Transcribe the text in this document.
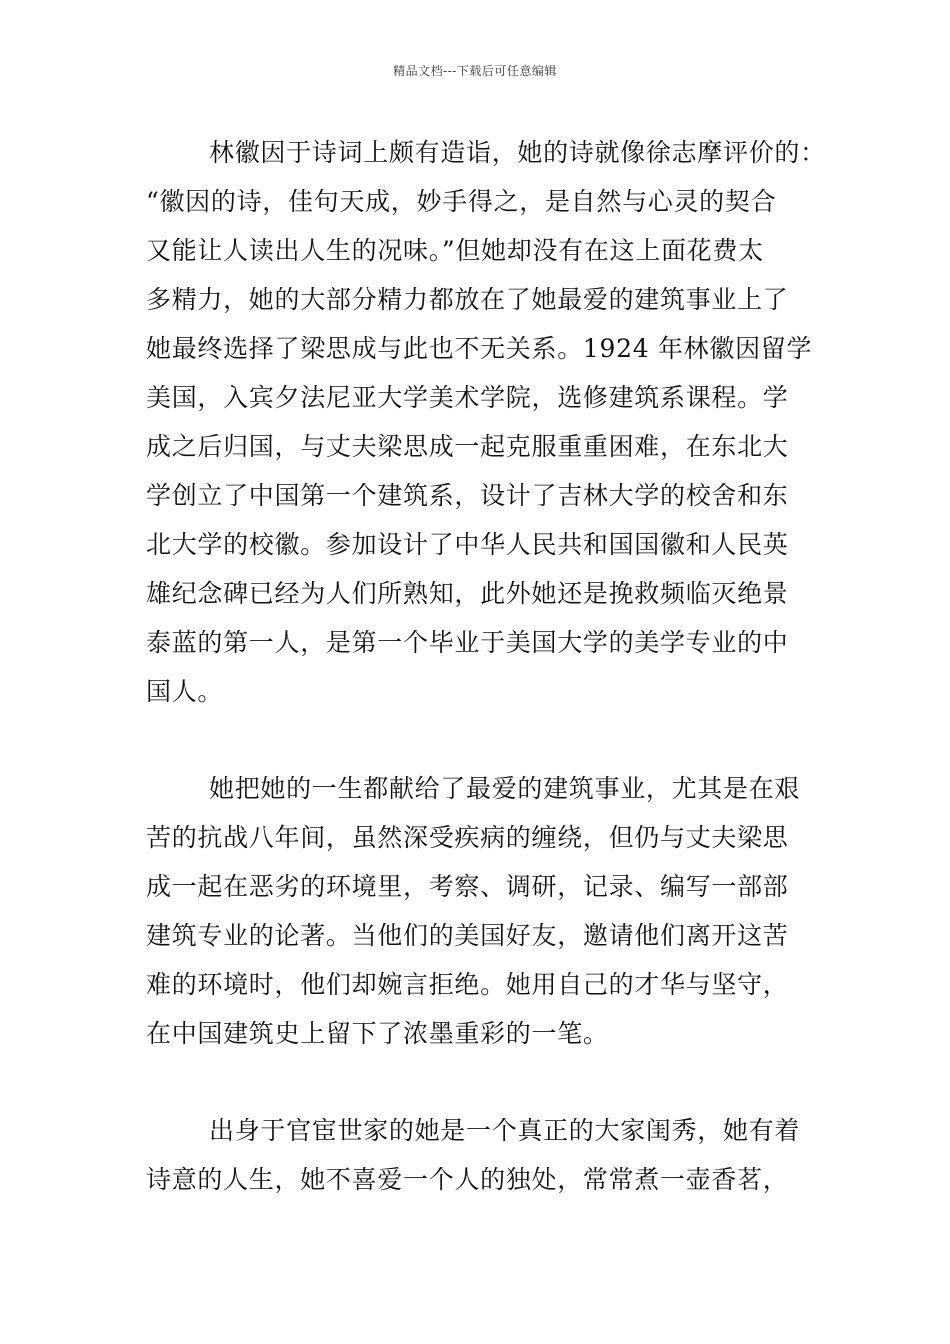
精品文档---下载后可任意编辑
林徽因于诗词上颇有造诣，她的诗就像徐志摩评价的：
“徽因的诗，佳句天成，妙手得之，是自然与心灵的契合
又能让人读出人生的况味。”但她却没有在这上面花费太
多精力，她的大部分精力都放在了她最爱的建筑事业上了
她最终选择了梁思成与此也不无关系。1924 年林徽因留学
美国，入宾夕法尼亚大学美术学院，选修建筑系课程。学
成之后归国，与丈夫梁思成一起克服重重困难，在东北大
学创立了中国第一个建筑系，设计了吉林大学的校舍和东
北大学的校徽。参加设计了中华人民共和国国徽和人民英
雄纪念碑已经为人们所熟知，此外她还是挽救频临灭绝景
泰蓝的第一人，是第一个毕业于美国大学的美学专业的中
国人。
她把她的一生都献给了最爱的建筑事业，尤其是在艰
苦的抗战八年间，虽然深受疾病的缠绕，但仍与丈夫梁思
成一起在恶劣的环境里，考察、调研，记录、编写一部部
建筑专业的论著。当他们的美国好友，邀请他们离开这苦
难的环境时，他们却婉言拒绝。她用自己的才华与坚守，
在中国建筑史上留下了浓墨重彩的一笔。
出身于官宦世家的她是一个真正的大家闺秀，她有着
诗意的人生，她不喜爱一个人的独处，常常煮一壶香茗，
